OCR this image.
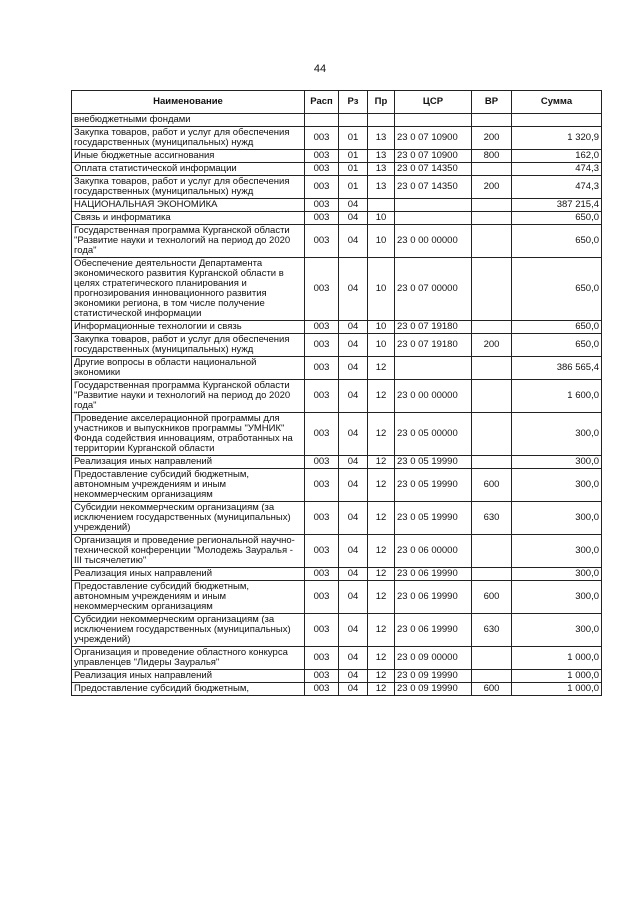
44
Наименование	Расп	Рз	Пр	ЦСР	ВР	Сумма
внебюджетными фондами						
Закупка товаров, работ и услуг для обеспечения государственных (муниципальных) нужд	003	01	13	23 0 07 10900	200	1 320,9
Иные бюджетные ассигнования	003	01	13	23 0 07 10900	800	162,0
Оплата статистической информации	003	01	13	23 0 07 14350		474,3
Закупка товаров, работ и услуг для обеспечения государственных (муниципальных) нужд	003	01	13	23 0 07 14350	200	474,3
НАЦИОНАЛЬНАЯ ЭКОНОМИКА	003	04				387 215,4
Связь и информатика	003	04	10			650,0
Государственная программа Курганской области "Развитие науки и технологий на период до 2020 года"	003	04	10	23 0 00 00000		650,0
Обеспечение деятельности Департамента экономического развития Курганской области в целях стратегического планирования и прогнозирования инновационного развития экономики региона, в том числе получение статистической информации	003	04	10	23 0 07 00000		650,0
Информационные технологии и связь	003	04	10	23 0 07 19180		650,0
Закупка товаров, работ и услуг для обеспечения государственных (муниципальных) нужд	003	04	10	23 0 07 19180	200	650,0
Другие вопросы в области национальной экономики	003	04	12			386 565,4
Государственная программа Курганской области "Развитие науки и технологий на период до 2020 года"	003	04	12	23 0 00 00000		1 600,0
Проведение акселерационной программы для участников и выпускников программы "УМНИК" Фонда содействия инновациям, отработанных на территории Курганской области	003	04	12	23 0 05 00000		300,0
Реализация иных направлений	003	04	12	23 0 05 19990		300,0
Предоставление субсидий бюджетным, автономным учреждениям и иным некоммерческим организациям	003	04	12	23 0 05 19990	600	300,0
Субсидии некоммерческим организациям (за исключением государственных (муниципальных) учреждений)	003	04	12	23 0 05 19990	630	300,0
Организация и проведение региональной научно-технической конференции "Молодежь Зауралья - III тысячелетию"	003	04	12	23 0 06 00000		300,0
Реализация иных направлений	003	04	12	23 0 06 19990		300,0
Предоставление субсидий бюджетным, автономным учреждениям и иным некоммерческим организациям	003	04	12	23 0 06 19990	600	300,0
Субсидии некоммерческим организациям (за исключением государственных (муниципальных) учреждений)	003	04	12	23 0 06 19990	630	300,0
Организация и проведение областного конкурса управленцев "Лидеры Зауралья"	003	04	12	23 0 09 00000		1 000,0
Реализация иных направлений	003	04	12	23 0 09 19990		1 000,0
Предоставление субсидий бюджетным,	003	04	12	23 0 09 19990	600	1 000,0
